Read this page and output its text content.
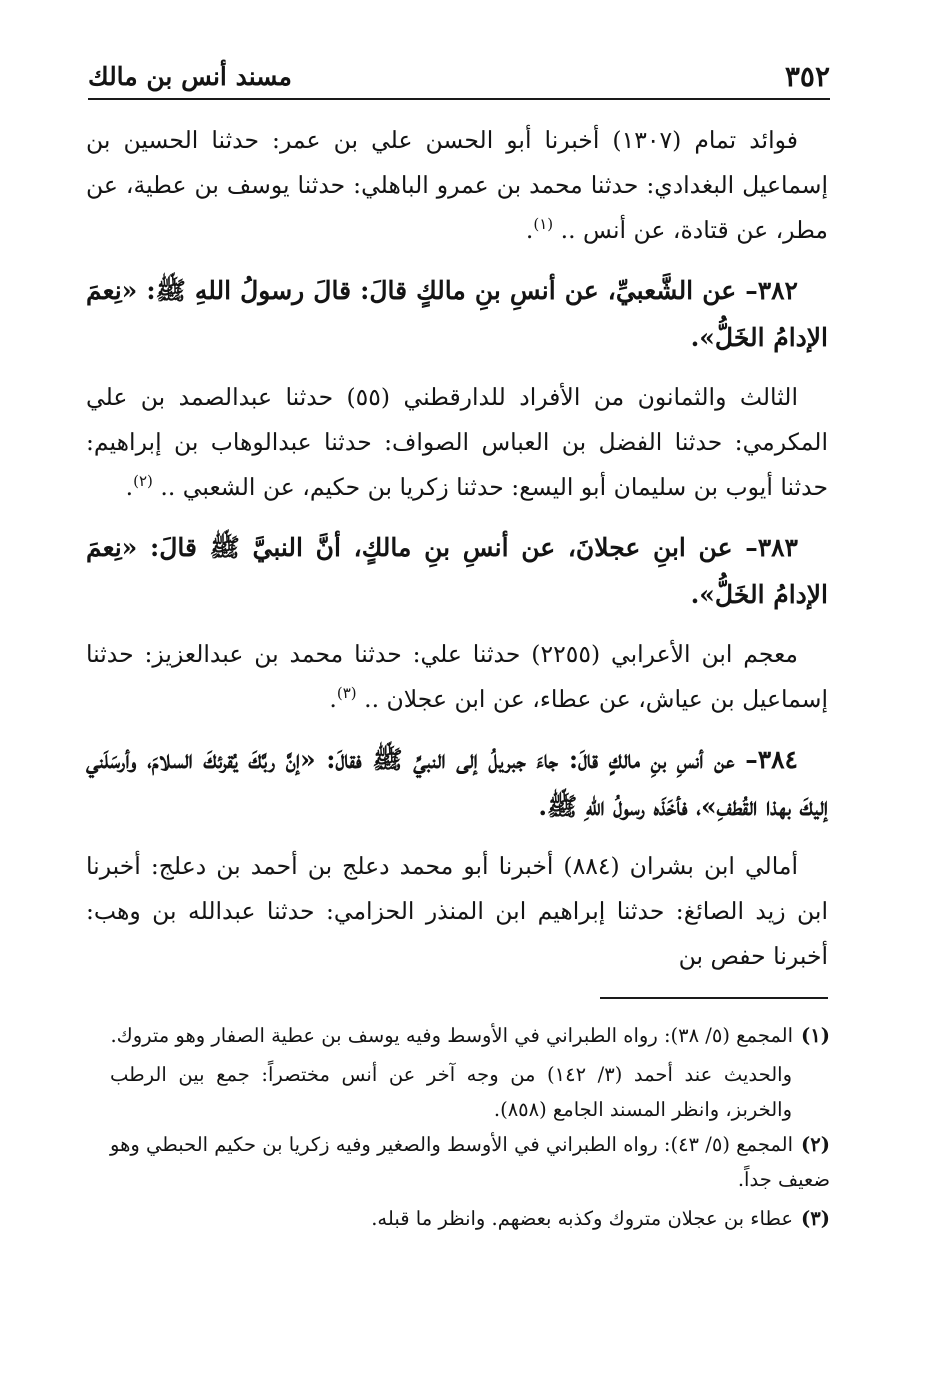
٣٥٢
مسند أنس بن مالك

فوائد تمام (١٣٠٧) أخبرنا أبو الحسن علي بن عمر: حدثنا الحسين بن إسماعيل البغدادي: حدثنا محمد بن عمرو الباهلي: حدثنا يوسف بن عطية، عن مطر، عن قتادة، عن أنس .. $^{(١)}$.

٣٨٢– عن الشَّعبيِّ، عن أنسِ بنِ مالكٍ قالَ: قالَ رسولُ اللهِ ﷺ: «نِعمَ الإدامُ الخَلُّ».

الثالث والثمانون من الأفراد للدارقطني (٥٥) حدثنا عبدالصمد بن علي المكرمي: حدثنا الفضل بن العباس الصواف: حدثنا عبدالوهاب بن إبراهيم: حدثنا أيوب بن سليمان أبو اليسع: حدثنا زكريا بن حكيم، عن الشعبي .. $^{(٢)}$.

٣٨٣– عن ابنِ عجلانَ، عن أنسِ بنِ مالكٍ، أنَّ النبيَّ ﷺ قالَ: «نِعمَ الإدامُ الخَلُّ».

معجم ابن الأعرابي (٢٢٥٥) حدثنا علي: حدثنا محمد بن عبدالعزيز: حدثنا إسماعيل بن عياش، عن عطاء، عن ابن عجلان .. $^{(٣)}$.

٣٨٤– عن أنسِ بنِ مالكٍ قالَ: جاءَ جبريلُ إلى النبيِّ ﷺ فقالَ: «إنَّ ربَّكَ يُقرئكَ السلامَ، وأرسَلَني إليكَ بهذا القُطفِ»، فأخَذَه رسولُ اللهِ ﷺ.

أمالي ابن بشران (٨٨٤) أخبرنا أبو محمد دعلج بن أحمد بن دعلج: أخبرنا ابن زيد الصائغ: حدثنا إبراهيم ابن المنذر الحزامي: حدثنا عبدالله بن وهب: أخبرنا حفص بن

(١)المجمع (٥/ ٣٨): رواه الطبراني في الأوسط وفيه يوسف بن عطية الصفار وهو متروك.

والحديث عند أحمد (٣/ ١٤٢) من وجه آخر عن أنس مختصراً: جمع بين الرطب والخربز، وانظر المسند الجامع (٨٥٨).

(٢)المجمع (٥/ ٤٣): رواه الطبراني في الأوسط والصغير وفيه زكريا بن حكيم الحبطي وهو ضعيف جداً.

(٣)عطاء بن عجلان متروك وكذبه بعضهم. وانظر ما قبله.
